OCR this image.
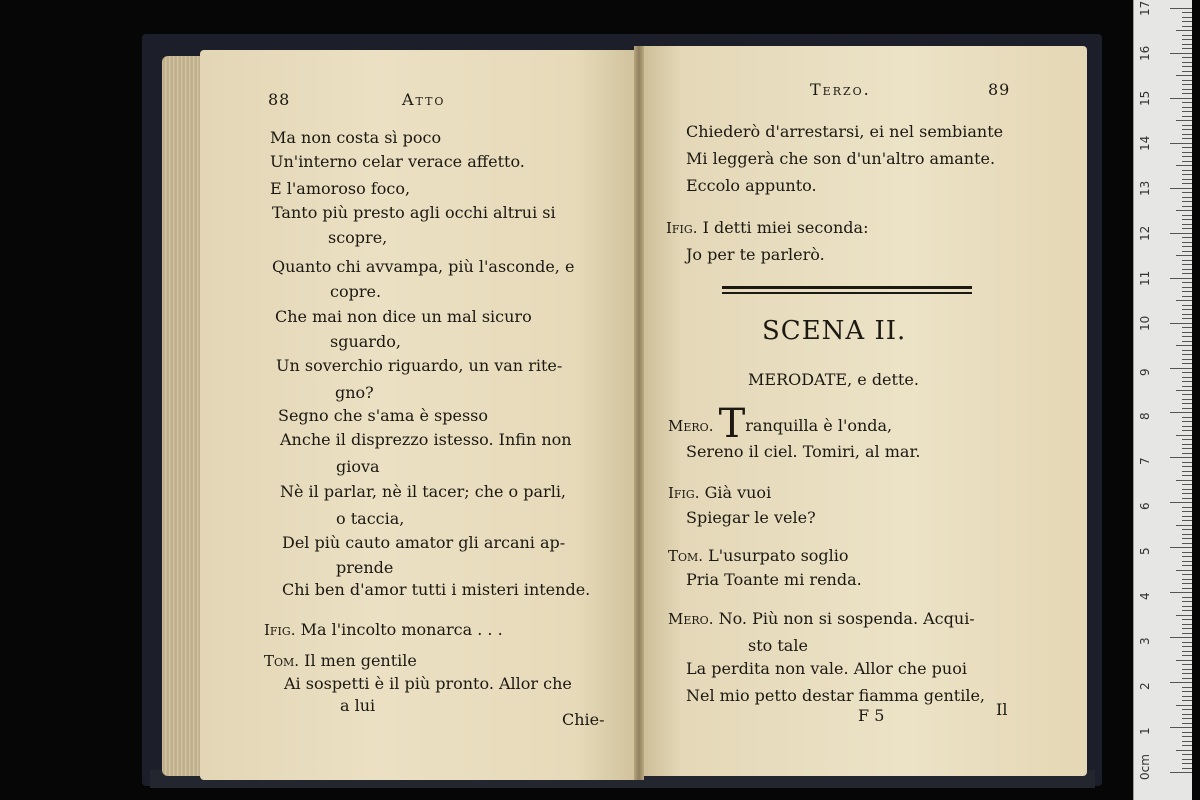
88	Atto
Ma non costa sì poco
Un'interno celar verace affetto.
E l'amoroso foco,
Tanto più presto agli occhi altrui si
scopre,
Quanto chi avvampa, più l'asconde, e
copre.
Che mai non dice un mal sicuro
sguardo,
Un soverchio riguardo, un van rite-
gno?
Segno che s'ama è spesso
Anche il disprezzo istesso. Infin non
giova
Nè il parlar, nè il tacer; che o parli,
o taccia,
Del più cauto amator gli arcani ap-
prende
Chi ben d'amor tutti i misteri intende.
Ifig. Ma l'incolto monarca . . .
Tom. Il men gentile
Ai sospetti è il più pronto. Allor che
a lui
Chie-
Terzo.	89
Chiederò d'arrestarsi, ei nel sembiante
Mi leggerà che son d'un'altro amante.
Eccolo appunto.
Ifig. I detti miei seconda:
Jo per te parlerò.
SCENA II.
MERODATE, e dette.
Mero. Tranquilla è l'onda,
Sereno il ciel. Tomiri, al mar.
Ifig. Già vuoi
Spiegar le vele?
Tom. L'usurpato soglio
Pria Toante mi renda.
Mero. No. Più non si sospenda. Acqui-
sto tale
La perdita non vale. Allor che puoi
Nel mio petto destar fiamma gentile,
F 5	Il
0cm
1
2
3
4
5
6
7
8
9
10
11
12
13
14
15
16
17
